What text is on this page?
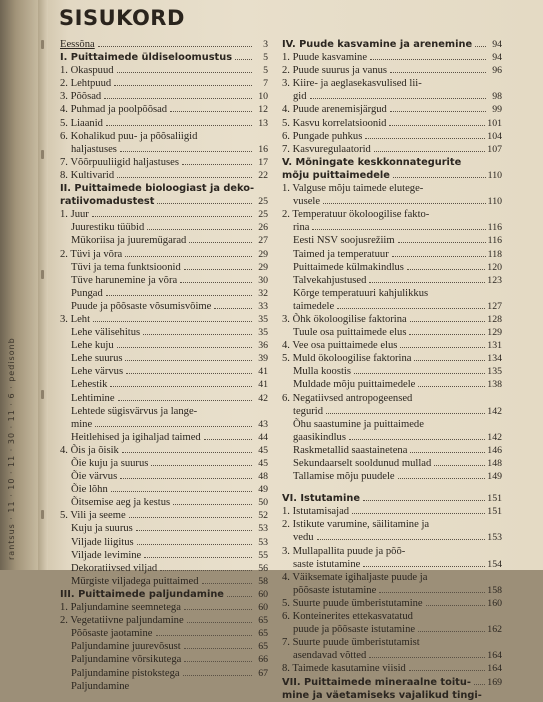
rantsus · 11 · 10 · 11 · 30 · 11 · 6 · pedisonb
SISUKORD
Eessõna	3
I. Puittaimede üldiseloomustus	5
1. Okaspuud	5
2. Lehtpuud	7
3. Põõsad	10
4. Puhmad ja poolpõõsad	12
5. Liaanid	13
6. Kohalikud puu- ja põõsaliigid
haljastuses	16
7. Võõrpuuliigid haljastuses	17
8. Kultivarid	22
II. Puittaimede bioloogiast ja deko-
ratiivomadustest	25
1. Juur	25
Juurestiku tüübid	26
Mükoriisa ja juuremügarad	27
2. Tüvi ja võra	29
Tüvi ja tema funktsioonid	29
Tüve harunemine ja võra	30
Pungad	32
Puude ja põõsaste võsumisvõime	33
3. Leht	35
Lehe välisehitus	35
Lehe kuju	36
Lehe suurus	39
Lehe värvus	41
Lehestik	41
Lehtimine	42
Lehtede sügisvärvus ja lange-
mine	43
Heitlehised ja igihaljad taimed	44
4. Õis ja õisik	45
Õie kuju ja suurus	45
Õie värvus	48
Õie lõhn	49
Õitsemise aeg ja kestus	50
5. Vili ja seeme	52
Kuju ja suurus	53
Viljade liigitus	53
Viljade levimine	55
Dekoratiivsed viljad	56
Mürgiste viljadega puittaimed	58
III. Puittaimede paljundamine	60
1. Paljundamine seemnetega	60
2. Vegetatiivne paljundamine	65
Põõsaste jaotamine	65
Paljundamine juurevõsust	65
Paljundamine võrsikutega	66
Paljundamine pistokstega	67
Paljundamine
IV. Puude kasvamine ja arenemine	94
1. Puude kasvamine	94
2. Puude suurus ja vanus	96
3. Kiire- ja aeglasekasvulised lii-
gid	98
4. Puude arenemisjärgud	99
5. Kasvu korrelatsioonid	101
6. Pungade puhkus	104
7. Kasvuregulaatorid	107
V. Mõningate keskkonnategurite
mõju puittaimedele	110
1. Valguse mõju taimede elutege-
vusele	110
2. Temperatuur ökoloogilise fakto-
rina	116
Eesti NSV soojusrežiim	116
Taimed ja temperatuur	118
Puittaimede külmakindlus	120
Talvekahjustused	123
Kõrge temperatuuri kahjulikkus
taimedele	127
3. Õhk ökoloogilise faktorina	128
Tuule osa puittaimede elus	129
4. Vee osa puittaimede elus	131
5. Muld ökoloogilise faktorina	134
Mulla koostis	135
Muldade mõju puittaimedele	138
6. Negatiivsed antropogeensed
tegurid	142
Õhu saastumine ja puittaimede
gaasikindlus	142
Raskmetallid saastainetena	146
Sekundaarselt sooldunud mullad	148
Tallamise mõju puudele	149
VI. Istutamine	151
1. Istutamisajad	151
2. Istikute varumine, säilitamine ja
vedu	153
3. Mullapallita puude ja põõ-
saste istutamine	154
4. Väiksemate igihaljaste puude ja
põõsaste istutamine	158
5. Suurte puude ümberistutamine	160
6. Konteinerites ettekasvatatud
puude ja põõsaste istutamine	162
7. Suurte puude ümberistutamist
asendavad võtted	164
8. Taimede kasutamine viisid	164
VII. Puittaimede mineraalne toitu- 169
mine ja väetamiseks vajalikud tingi-
